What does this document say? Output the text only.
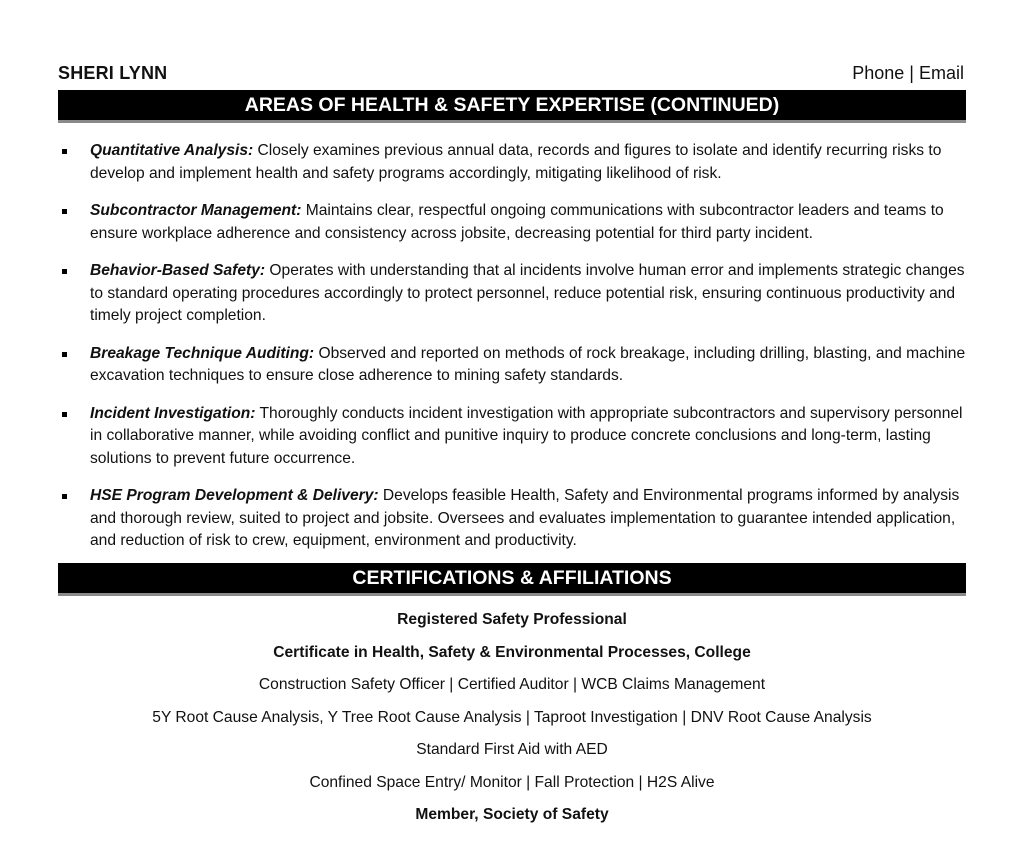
SHERI LYNN	Phone | Email
AREAS OF HEALTH & SAFETY EXPERTISE (CONTINUED)
Quantitative Analysis: Closely examines previous annual data, records and figures to isolate and identify recurring risks to develop and implement health and safety programs accordingly, mitigating likelihood of risk.
Subcontractor Management: Maintains clear, respectful ongoing communications with subcontractor leaders and teams to ensure workplace adherence and consistency across jobsite, decreasing potential for third party incident.
Behavior-Based Safety: Operates with understanding that al incidents involve human error and implements strategic changes to standard operating procedures accordingly to protect personnel, reduce potential risk, ensuring continuous productivity and timely project completion.
Breakage Technique Auditing: Observed and reported on methods of rock breakage, including drilling, blasting, and machine excavation techniques to ensure close adherence to mining safety standards.
Incident Investigation: Thoroughly conducts incident investigation with appropriate subcontractors and supervisory personnel in collaborative manner, while avoiding conflict and punitive inquiry to produce concrete conclusions and long-term, lasting solutions to prevent future occurrence.
HSE Program Development & Delivery: Develops feasible Health, Safety and Environmental programs informed by analysis and thorough review, suited to project and jobsite. Oversees and evaluates implementation to guarantee intended application, and reduction of risk to crew, equipment, environment and productivity.
CERTIFICATIONS & AFFILIATIONS
Registered Safety Professional
Certificate in Health, Safety & Environmental Processes, College
Construction Safety Officer | Certified Auditor | WCB Claims Management
5Y Root Cause Analysis, Y Tree Root Cause Analysis | Taproot Investigation | DNV Root Cause Analysis
Standard First Aid with AED
Confined Space Entry/ Monitor | Fall Protection | H2S Alive
Member, Society of Safety
